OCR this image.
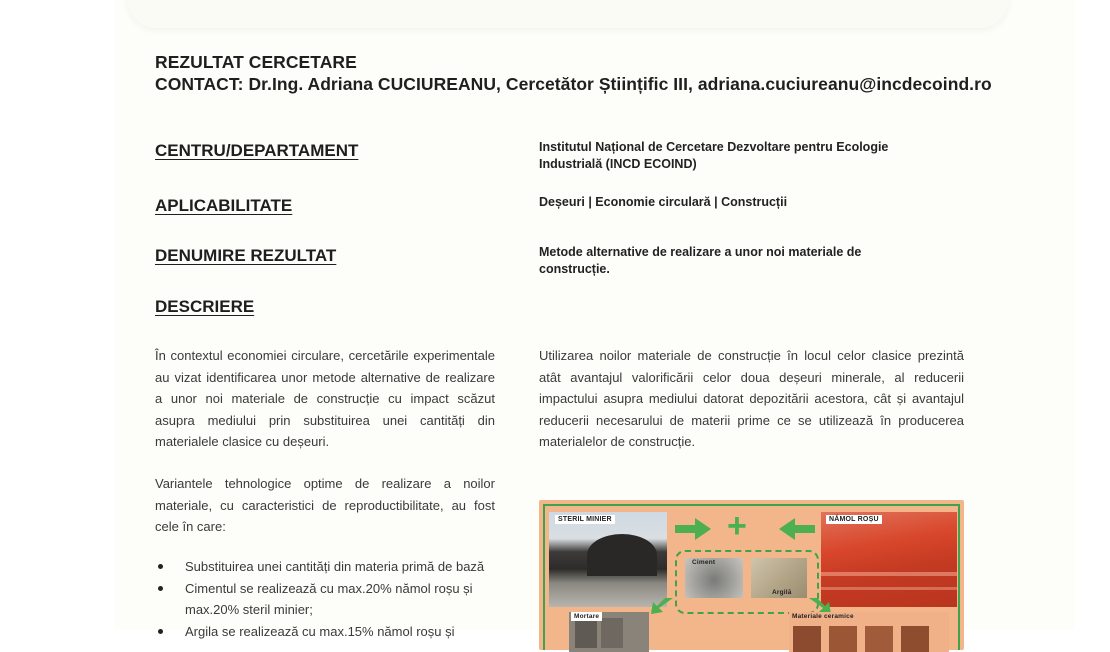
REZULTAT CERCETARE
CONTACT: Dr.Ing. Adriana CUCIUREANU, Cercetător Științific III, adriana.cuciureanu@incdecoind.ro
CENTRU/DEPARTAMENT	Institutul Național de Cercetare Dezvoltare pentru Ecologie Industrială (INCD ECOIND)
APLICABILITATE	Deșeuri | Economie circulară | Construcții
DENUMIRE REZULTAT	Metode alternative de realizare a unor noi materiale de construcție.
DESCRIERE
În contextul economiei circulare, cercetările experimentale au vizat identificarea unor metode alternative de realizare a unor noi materiale de construcție cu impact scăzut asupra mediului prin substituirea unei cantități din materialele clasice cu deșeuri.
Variantele tehnologice optime de realizare a noilor materiale, cu caracteristici de reproductibilitate, au fost cele în care:
Substituirea unei cantități din materia primă de bază
Cimentul se realizează cu max.20% nămol roșu și max.20% steril minier;
Argila se realizează cu max.15% nămol roșu și
Utilizarea noilor materiale de construcție în locul celor clasice prezintă atât avantajul valorificării celor doua deșeuri minerale, al reducerii impactului asupra mediului datorat depozitării acestora, cât și avantajul reducerii necesarului de materii prime ce se utilizează în producerea materialelor de construcție.
STERIL MINIER	NĂMOL ROȘU
+
Ciment
Argilă
Mortare	Materiale ceramice
